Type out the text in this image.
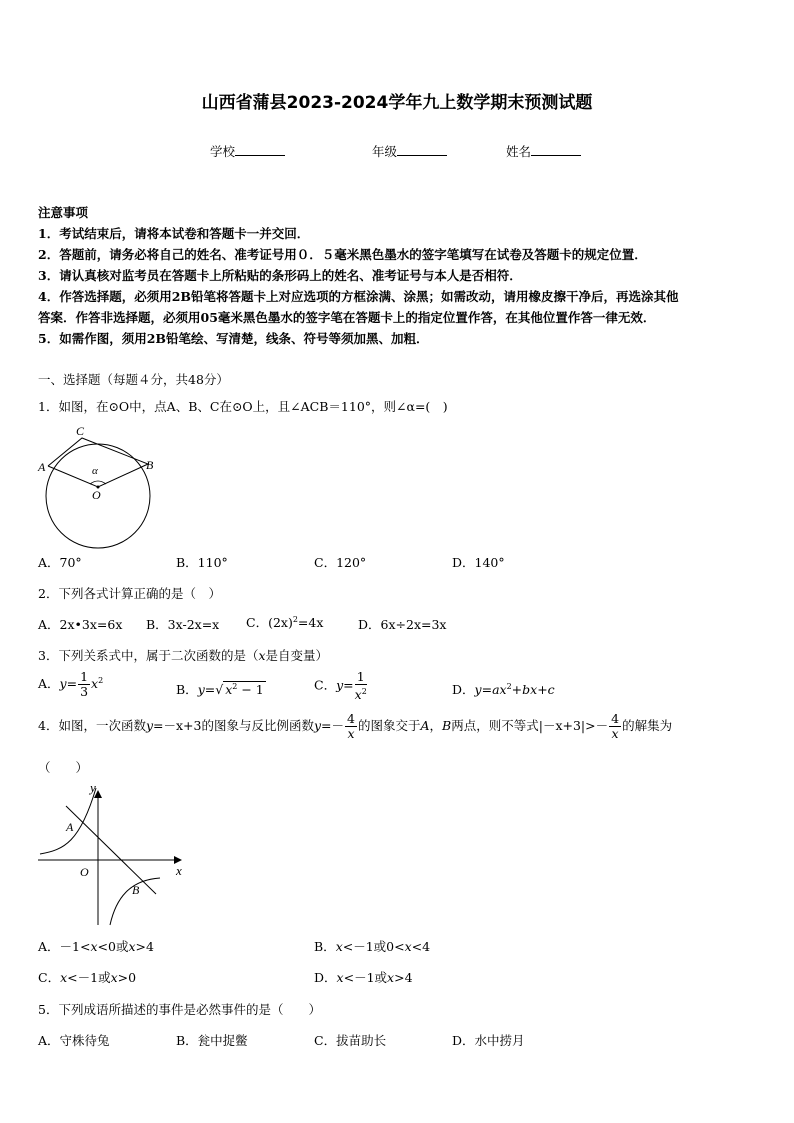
山西省蒲县2023-2024学年九上数学期末预测试题
学校	年级	姓名
注意事项
1．考试结束后，请将本试卷和答题卡一并交回．
2．答题前，请务必将自己的姓名、准考证号用０．５毫米黑色墨水的签字笔填写在试卷及答题卡的规定位置．
3．请认真核对监考员在答题卡上所粘贴的条形码上的姓名、准考证号与本人是否相符．
4．作答选择题，必须用2B铅笔将答题卡上对应选项的方框涂满、涂黑；如需改动，请用橡皮擦干净后，再选涂其他
答案．作答非选择题，必须用05毫米黑色墨水的签字笔在答题卡上的指定位置作答，在其他位置作答一律无效．
5．如需作图，须用2B铅笔绘、写清楚，线条、符号等须加黑、加粗．
一、选择题（每题４分，共48分）
1．如图，在⊙O中，点A、B、C在⊙O上，且∠ACB＝110°，则∠α=(　)
C
A	B
α
O
A．70°	B．110°	C．120°	D．140°
2．下列各式计算正确的是（　）
A．2x•3x=6x B．3x-2x=x C．$(2x)^2=4x$	D．6x÷2x=3x
3．下列关系式中，属于二次函数的是（x是自变量）
A．$y= \frac{1}{3} x^2$
B．y=√ $x^2 - 1$	C．$y= \frac{1}{x^2}$	D．$y=ax^2+bx+c$
4．如图，一次函数y=－x+3的图象与反比例函数$y=- \frac{4}{x}$ 的图象交于A，B两点，则不等式$|-x+3|>- \frac{4}{x}$ 的解集为
（　　）
y
x
O
A
B
A．－1<x<0或x>4	B．x<－1或0<x<4
C．x<－1或x>0	D．x<－1或x>4
5．下列成语所描述的事件是必然事件的是（　　）
A．守株待兔	B．瓮中捉鳖	C．拔苗助长	D．水中捞月
